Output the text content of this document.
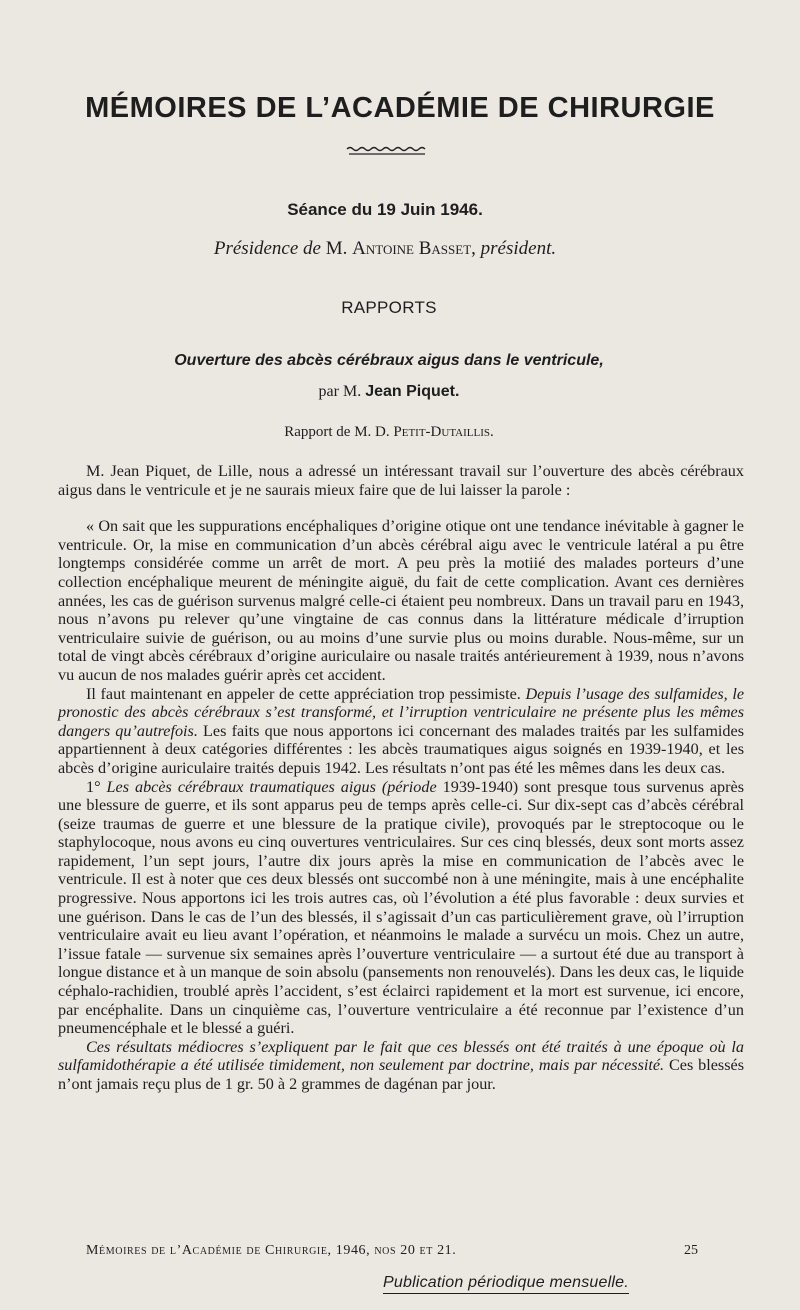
MÉMOIRES DE L’ACADÉMIE DE CHIRURGIE
Séance du 19 Juin 1946.
Présidence de M. Antoine Basset, président.
RAPPORTS
Ouverture des abcès cérébraux aigus dans le ventricule,
par M. Jean Piquet.
Rapport de M. D. Petit-Dutaillis.

M. Jean Piquet, de Lille, nous a adressé un intéressant travail sur l’ouverture des abcès cérébraux aigus dans le ventricule et je ne saurais mieux faire que de lui laisser la parole :

« On sait que les suppurations encéphaliques d’origine otique ont une tendance inévitable à gagner le ventricule. Or, la mise en communication d’un abcès cérébral aigu avec le ventricule latéral a pu être longtemps considérée comme un arrêt de mort. A peu près la motiié des malades porteurs d’une collection encéphalique meurent de méningite aiguë, du fait de cette complication. Avant ces dernières années, les cas de guérison survenus malgré celle-ci étaient peu nombreux. Dans un travail paru en 1943, nous n’avons pu relever qu’une vingtaine de cas connus dans la littérature médicale d’irruption ventriculaire suivie de guérison, ou au moins d’une survie plus ou moins durable. Nous-même, sur un total de vingt abcès cérébraux d’origine auriculaire ou nasale traités antérieurement à 1939, nous n’avons vu aucun de nos malades guérir après cet accident.

Il faut maintenant en appeler de cette appréciation trop pessimiste. Depuis l’usage des sulfamides, le pronostic des abcès cérébraux s’est transformé, et l’irruption ventriculaire ne présente plus les mêmes dangers qu’autrefois. Les faits que nous apportons ici concernant des malades traités par les sulfamides appartiennent à deux catégories différentes : les abcès traumatiques aigus soignés en 1939-1940, et les abcès d’origine auriculaire traités depuis 1942. Les résultats n’ont pas été les mêmes dans les deux cas.

1° Les abcès cérébraux traumatiques aigus (période 1939-1940) sont presque tous survenus après une blessure de guerre, et ils sont apparus peu de temps après celle-ci. Sur dix-sept cas d’abcès cérébral (seize traumas de guerre et une blessure de la pratique civile), provoqués par le streptocoque ou le staphylocoque, nous avons eu cinq ouvertures ventriculaires. Sur ces cinq blessés, deux sont morts assez rapidement, l’un sept jours, l’autre dix jours après la mise en communication de l’abcès avec le ventricule. Il est à noter que ces deux blessés ont succombé non à une méningite, mais à une encéphalite progressive. Nous apportons ici les trois autres cas, où l’évolution a été plus favorable : deux survies et une guérison. Dans le cas de l’un des blessés, il s’agissait d’un cas particulièrement grave, où l’irruption ventriculaire avait eu lieu avant l’opération, et néanmoins le malade a survécu un mois. Chez un autre, l’issue fatale — survenue six semaines après l’ouverture ventriculaire — a surtout été due au transport à longue distance et à un manque de soin absolu (pansements non renouvelés). Dans les deux cas, le liquide céphalo-rachidien, troublé après l’accident, s’est éclairci rapidement et la mort est survenue, ici encore, par encéphalite. Dans un cinquième cas, l’ouverture ventriculaire a été reconnue par l’existence d’un pneumencéphale et le blessé a guéri.

Ces résultats médiocres s’expliquent par le fait que ces blessés ont été traités à une époque où la sulfamidothérapie a été utilisée timidement, non seulement par doctrine, mais par nécessité. Ces blessés n’ont jamais reçu plus de 1 gr. 50 à 2 grammes de dagénan par jour.

Mémoires de l’Académie de Chirurgie, 1946, nos 20 et 21.	25
Publication périodique mensuelle.
